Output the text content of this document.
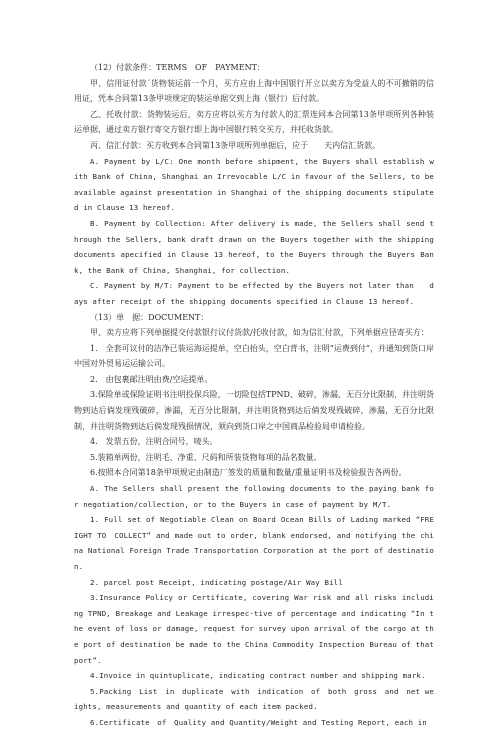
（12）付款条件：TERMS　OF　PAYMENT：

甲、信用证付款ˊ货物装运前一个月，买方应由上海中国银行开立以卖方为受益人的不可撤销的信用证，凭本合同第13条甲项规定的装运单据交到上海（银行）后付款。

乙、托收付款：货物装运后，卖方应将以买方为付款人的汇票连同本合同第13条甲项所列各种装运单据，通过卖方银行寄交方银行即上海中国银行转交买方，并托收货款。

丙、信汇付款：买方收到本合同第13条甲项所列单据后，应于　　天内信汇货款。

A. Payment by L/C: One month before shipment, the Buyers shall establish with Bank of China, Shanghai an Irrevocable L/C in favour of the Sellers, to be available against presentation in Shanghai of the shipping documents stipulated in Clause 13 hereof.

B. Payment by Collection: After delivery is made, the Sellers shall send through the Sellers, bank draft drawn on the Buyers together with the shipping documents apecified in Clause 13 hereof, to the Buyers through the Buyers Bank, the Bank of China, Shanghai, for collection.

C. Payment by M/T: Payment to be effected by the Buyers not later than　　days after receipt of the shipping documents specified in Clause 13 hereof.

（13）单　据：DOCUMENT：

甲、卖方应将下列单据提交付款银行议付货款/托收付款，如为信汇付款，下列单据应径寄买方：

1.　全套可议付的洁净已装运海运提单，空白抬头，空白背书，注明“运费到付”，并通知到货口岸中国对外贸易运运输公司。

2.　由包裹邮注明由费/空运提单。

3.保险单或保险证明书注明投保兵险，一切险包括TPND、破碎，渗漏，无百分比限制，并注明货物到达后倘发现残破碎，渗漏，无百分比限制，并注明货物到达后倘发现残破碎，渗漏，无百分比限制，并注明货物到达后倘发现残损情况，须向到货口岸之中国商品检验局申请检验。

4.　发票五份，注明合同号，唛头。

5.装箱单两份，注明毛、净重、尺码和所装货物每项的品名数量。

6.按照本合同第18条甲项规定由制造厂签发的质量和数量/重量证明书及检验报告各两份。

A. The Sellers shall present the following documents to the paying bank for negotiation/collection, or to the Buyers in case of payment by M/T.

1. Full set of Negotiable Clean on Board Ocean Bills of Lading marked “FREIGHT TO　COLLECT” and made out to order, blank endorsed, and notifying the china National Foreign Trade Transportation Corporation at the port of destination.

2. parcel post Receipt, indicating postage/Air Way Bill

3.Insurance Policy or Certificate, covering War risk and all risks including TPND, Breakage and Leakage irrespec-tive of percentage and indicating “In the event of loss or damage, request for survey upon arrival of the cargo at the port of destination be made to the China Commodity Inspection Bureau of that port”.

4.Invoice in quintuplicate, indicating contract number and shipping mark.

5.Packing　List　in　duplicate　with　indication　of　both　gross　and　net weights, measurements and quantity of each item packed.

6.Certificate　of　Quality and Quantity/Weight and Testing Report, each in
